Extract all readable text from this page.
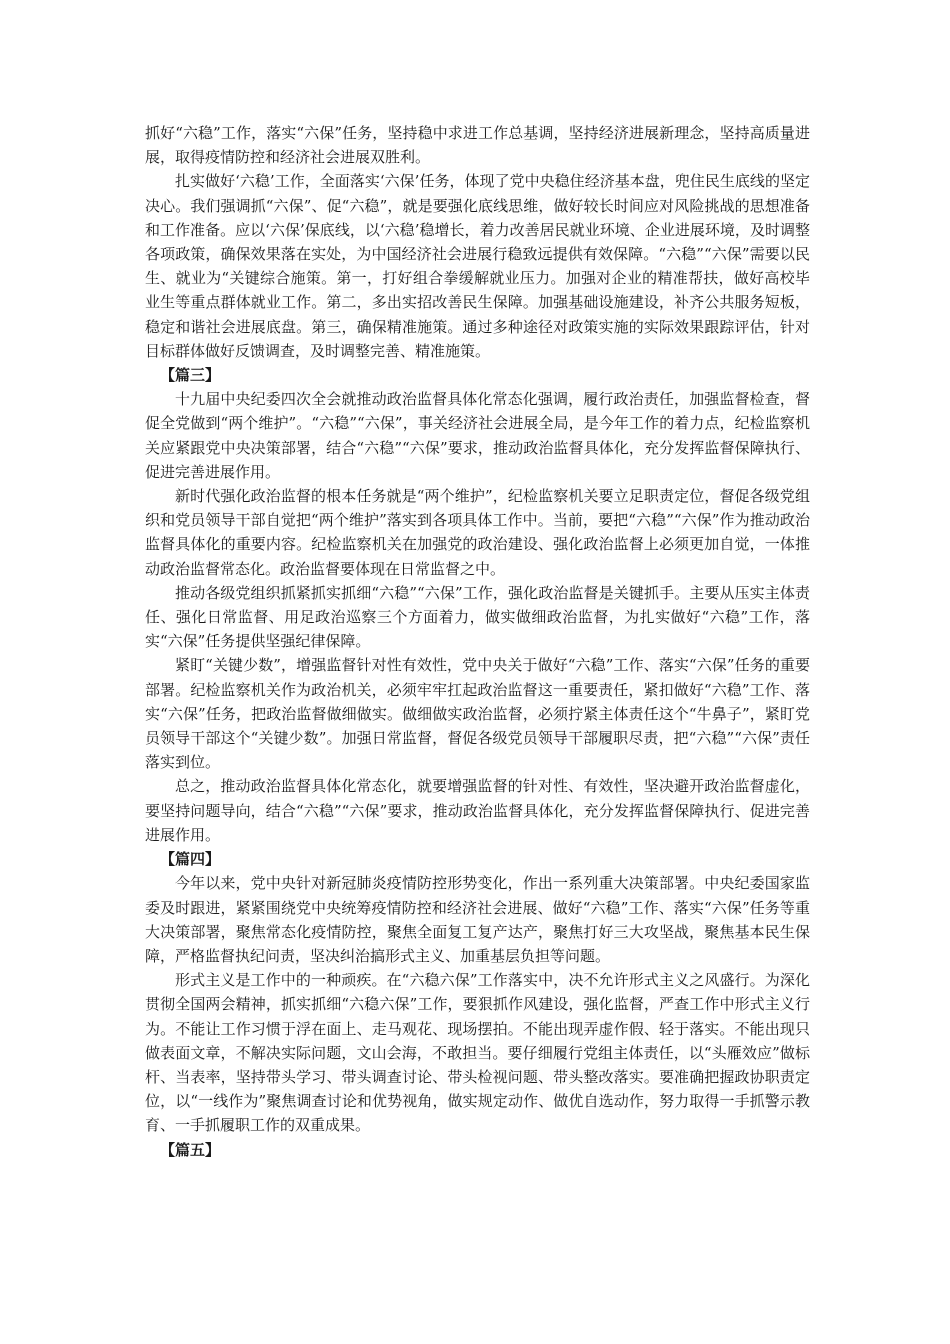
抓好“六稳”工作，落实“六保”任务，坚持稳中求进工作总基调，坚持经济进展新理念，坚持高质量进展，取得疫情防控和经济社会进展双胜利。

扎实做好‘六稳’工作，全面落实‘六保’任务，体现了党中央稳住经济基本盘，兜住民生底线的坚定决心。我们强调抓“六保”、促“六稳”，就是要强化底线思维，做好较长时间应对风险挑战的思想准备和工作准备。应以‘六保’保底线，以‘六稳’稳增长，着力改善居民就业环境、企业进展环境，及时调整各项政策，确保效果落在实处，为中国经济社会进展行稳致远提供有效保障。“六稳”“六保”需要以民生、就业为“关键综合施策。第一，打好组合拳缓解就业压力。加强对企业的精准帮扶，做好高校毕业生等重点群体就业工作。第二，多出实招改善民生保障。加强基础设施建设，补齐公共服务短板，稳定和谐社会进展底盘。第三，确保精准施策。通过多种途径对政策实施的实际效果跟踪评估，针对目标群体做好反馈调查，及时调整完善、精准施策。

【篇三】

十九届中央纪委四次全会就推动政治监督具体化常态化强调，履行政治责任，加强监督检查，督促全党做到“两个维护”。“六稳”“六保”，事关经济社会进展全局，是今年工作的着力点，纪检监察机关应紧跟党中央决策部署，结合“六稳”“六保”要求，推动政治监督具体化，充分发挥监督保障执行、促进完善进展作用。

新时代强化政治监督的根本任务就是“两个维护”，纪检监察机关要立足职责定位，督促各级党组织和党员领导干部自觉把“两个维护”落实到各项具体工作中。当前，要把“六稳”“六保”作为推动政治监督具体化的重要内容。纪检监察机关在加强党的政治建设、强化政治监督上必须更加自觉，一体推动政治监督常态化。政治监督要体现在日常监督之中。

推动各级党组织抓紧抓实抓细“六稳”“六保”工作，强化政治监督是关键抓手。主要从压实主体责任、强化日常监督、用足政治巡察三个方面着力，做实做细政治监督，为扎实做好“六稳”工作，落实“六保”任务提供坚强纪律保障。

紧盯“关键少数”，增强监督针对性有效性，党中央关于做好“六稳”工作、落实“六保”任务的重要部署。纪检监察机关作为政治机关，必须牢牢扛起政治监督这一重要责任，紧扣做好“六稳”工作、落实“六保”任务，把政治监督做细做实。做细做实政治监督，必须拧紧主体责任这个“牛鼻子”，紧盯党员领导干部这个“关键少数”。加强日常监督，督促各级党员领导干部履职尽责，把“六稳”“六保”责任落实到位。

总之，推动政治监督具体化常态化，就要增强监督的针对性、有效性，坚决避开政治监督虚化，要坚持问题导向，结合“六稳”“六保”要求，推动政治监督具体化，充分发挥监督保障执行、促进完善进展作用。

【篇四】

今年以来，党中央针对新冠肺炎疫情防控形势变化，作出一系列重大决策部署。中央纪委国家监委及时跟进，紧紧围绕党中央统筹疫情防控和经济社会进展、做好“六稳”工作、落实“六保”任务等重大决策部署，聚焦常态化疫情防控，聚焦全面复工复产达产，聚焦打好三大攻坚战，聚焦基本民生保障，严格监督执纪问责，坚决纠治搞形式主义、加重基层负担等问题。

形式主义是工作中的一种顽疾。在“六稳六保”工作落实中，决不允许形式主义之风盛行。为深化贯彻全国两会精神，抓实抓细“六稳六保”工作，要狠抓作风建设，强化监督，严查工作中形式主义行为。不能让工作习惯于浮在面上、走马观花、现场摆拍。不能出现弄虚作假、轻于落实。不能出现只做表面文章，不解决实际问题，文山会海，不敢担当。要仔细履行党组主体责任，以“头雁效应”做标杆、当表率，坚持带头学习、带头调查讨论、带头检视问题、带头整改落实。要准确把握政协职责定位，以“一线作为”聚焦调查讨论和优势视角，做实规定动作、做优自选动作，努力取得一手抓警示教育、一手抓履职工作的双重成果。

【篇五】
